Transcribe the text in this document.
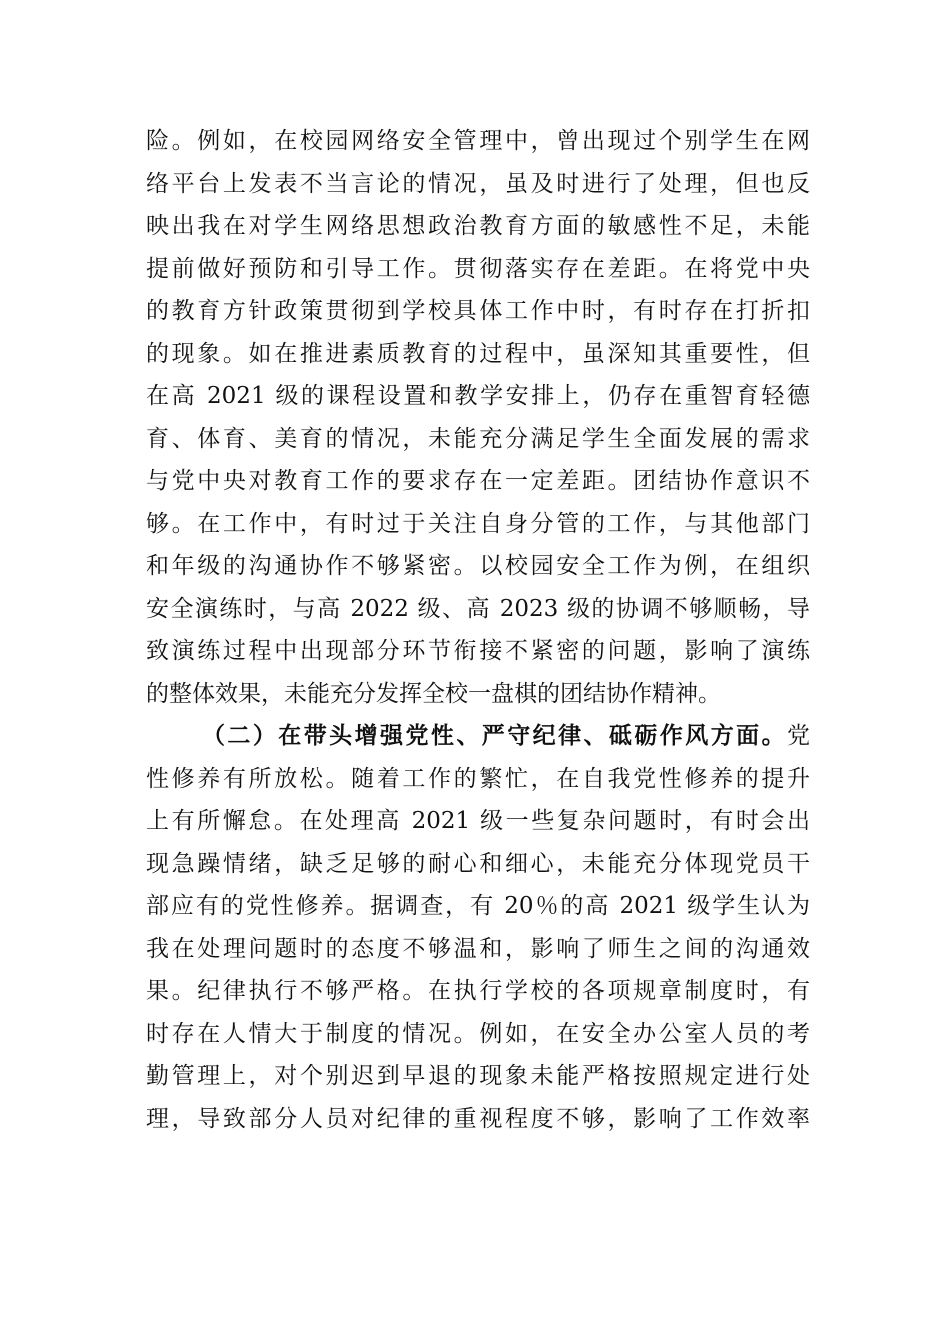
险。例如，在校园网络安全管理中，曾出现过个别学生在网
络平台上发表不当言论的情况，虽及时进行了处理，但也反
映出我在对学生网络思想政治教育方面的敏感性不足，未能
提前做好预防和引导工作。贯彻落实存在差距。在将党中央
的教育方针政策贯彻到学校具体工作中时，有时存在打折扣
的现象。如在推进素质教育的过程中，虽深知其重要性，但
在高 2021 级的课程设置和教学安排上，仍存在重智育轻德
育、体育、美育的情况，未能充分满足学生全面发展的需求
与党中央对教育工作的要求存在一定差距。团结协作意识不
够。在工作中，有时过于关注自身分管的工作，与其他部门
和年级的沟通协作不够紧密。以校园安全工作为例，在组织
安全演练时，与高 2022 级、高 2023 级的协调不够顺畅，导
致演练过程中出现部分环节衔接不紧密的问题，影响了演练
的整体效果，未能充分发挥全校一盘棋的团结协作精神。
（二）在带头增强党性、严守纪律、砥砺作风方面。党
性修养有所放松。随着工作的繁忙，在自我党性修养的提升
上有所懈怠。在处理高 2021 级一些复杂问题时，有时会出
现急躁情绪，缺乏足够的耐心和细心，未能充分体现党员干
部应有的党性修养。据调查，有 20％的高 2021 级学生认为
我在处理问题时的态度不够温和，影响了师生之间的沟通效
果。纪律执行不够严格。在执行学校的各项规章制度时，有
时存在人情大于制度的情况。例如，在安全办公室人员的考
勤管理上，对个别迟到早退的现象未能严格按照规定进行处
理，导致部分人员对纪律的重视程度不够，影响了工作效率
